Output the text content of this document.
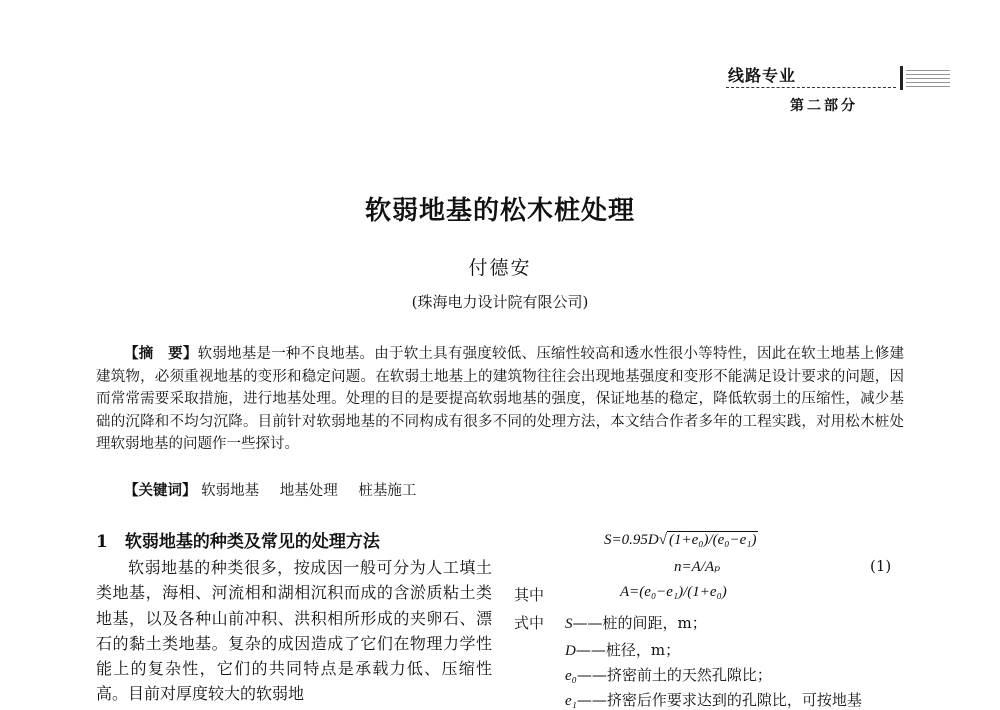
线路专业
第二部分
软弱地基的松木桩处理
付德安
(珠海电力设计院有限公司)
【摘　要】软弱地基是一种不良地基。由于软土具有强度较低、压缩性较高和透水性很小等特性，因此在软土地基上修建建筑物，必须重视地基的变形和稳定问题。在软弱土地基上的建筑物往往会出现地基强度和变形不能满足设计要求的问题，因而常常需要采取措施，进行地基处理。处理的目的是要提高软弱地基的强度，保证地基的稳定，降低软弱土的压缩性，减少基础的沉降和不均匀沉降。目前针对软弱地基的不同构成有很多不同的处理方法，本文结合作者多年的工程实践，对用松木桩处理软弱地基的问题作一些探讨。
【关键词】 软弱地基 地基处理 桩基施工
1　软弱地基的种类及常见的处理方法
软弱地基的种类很多，按成因一般可分为人工填土类地基，海相、河流相和湖相沉积而成的含淤质粘土类地基，以及各种山前冲积、洪积相所形成的夹卵石、漂石的黏土类地基。复杂的成因造成了它们在物理力学性能上的复杂性，它们的共同特点是承载力低、压缩性高。目前对厚度较大的软弱地
S=0.95D√ (1+e₀)/(e₀−e₁)
n=A/Aₚ	(1)
其中	A=(e₀−e₁)/(1+e₀)
式中 S——桩的间距，m；
D——桩径，m；
e₀——挤密前土的天然孔隙比；
e₁——挤密后作要求达到的孔隙比，可按地基
